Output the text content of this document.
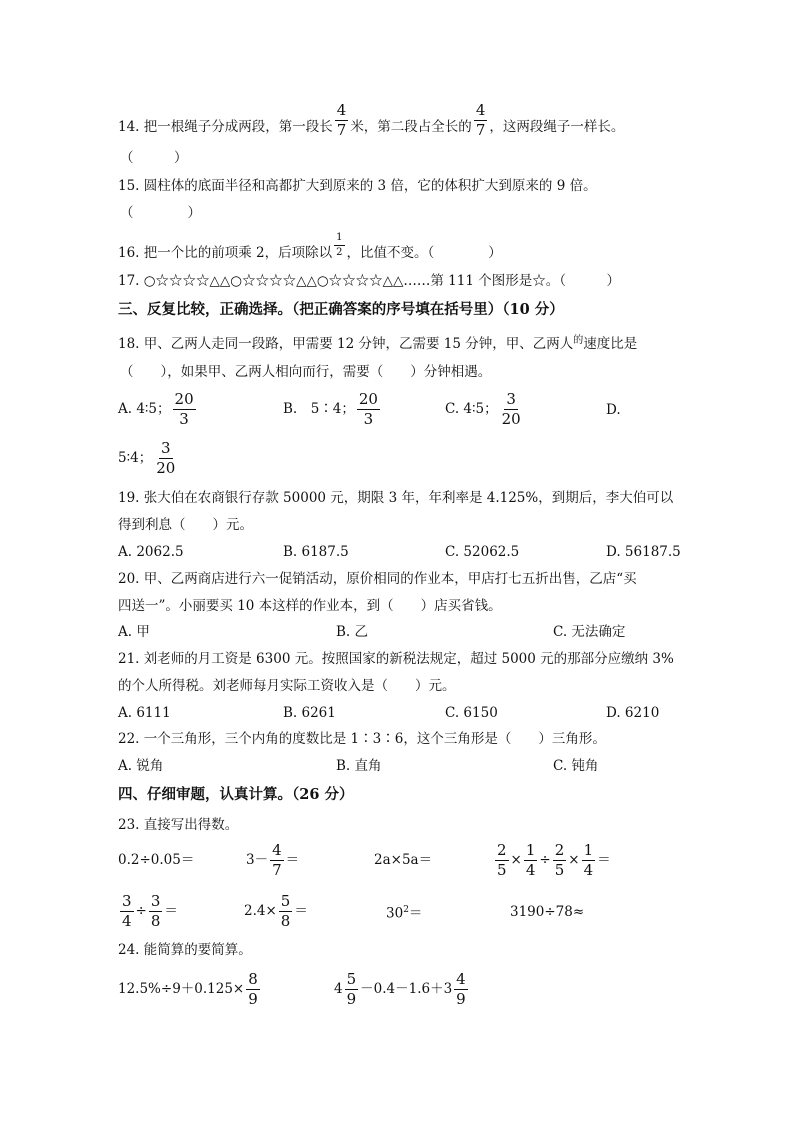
14. 把一根绳子分成两段，第一段长 $\frac{4}{7}$ 米，第二段占全长的 $\frac{4}{7}$ ，这两段绳子一样长。
（　　　）
15. 圆柱体的底面半径和高都扩大到原来的 3 倍，它的体积扩大到原来的 9 倍。
（　　　　）
16. 把一个比的前项乘 2，后项除以 $\frac{1}{2}$ ，比值不变。（　　　　）
17. ○☆☆☆☆△△○☆☆☆☆△△○☆☆☆☆△△……第 111 个图形是☆。（　　　）
三、反复比较，正确选择。（把正确答案的序号填在括号里）（10 分）
18. 甲、乙两人走同一段路，甲需要 12 分钟，乙需要 15 分钟，甲、乙两人$^的$速度比是
（　　），如果甲、乙两人相向而行，需要（　　）分钟相遇。
A. 4∶5； $\frac{20}{3}$	B.　5∶4； $\frac{20}{3}$	C. 4∶5； $\frac{3}{20}$	D.
5∶4； $\frac{3}{20}$
19. 张大伯在农商银行存款 50000 元，期限 3 年，年利率是 4.125%，到期后，李大伯可以
得到利息（　　）元。
A. 2062.5	B. 6187.5	C. 52062.5	D. 56187.5
20. 甲、乙两商店进行六一促销活动，原价相同的作业本，甲店打七五折出售，乙店“买
四送一”。小丽要买 10 本这样的作业本，到（　　）店买省钱。
A. 甲	B. 乙	C. 无法确定
21. 刘老师的月工资是 6300 元。按照国家的新税法规定，超过 5000 元的那部分应缴纳 3%
的个人所得税。刘老师每月实际工资收入是（　　）元。
A. 6111	B. 6261	C. 6150	D. 6210
22. 一个三角形，三个内角的度数比是 1∶3∶6，这个三角形是（　　）三角形。
A. 锐角	B. 直角	C. 钝角
四、仔细审题，认真计算。（26 分）
23. 直接写出得数。
0.2÷0.05＝	$3- \frac{4}{7}$ ＝	2a×5a＝	$\frac{2}{5} \times \frac{1}{4} \div \frac{2}{5} \times \frac{1}{4}$ ＝
$\frac{3}{4} \div \frac{3}{8}$ ＝	$2.4\times \frac{5}{8}$ ＝	$30^2=$	3190÷78≈
24. 能简算的要简算。
$12.5\%\div 9+0.125\times \frac{8}{9}$	$4 \frac{5}{9} -0.4-1.6+3 \frac{4}{9}$
